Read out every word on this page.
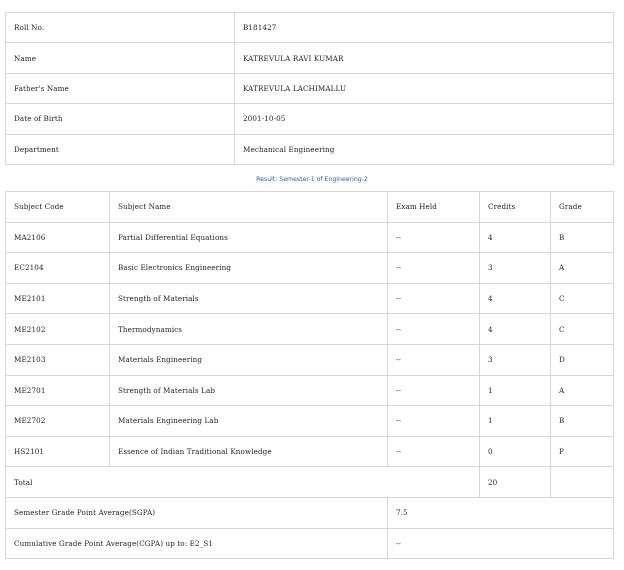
Roll No.	B181427
Name	KATREVULA RAVI KUMAR
Father's Name	KATREVULA LACHIMALLU
Date of Birth	2001-10-05
Department	Mechanical Engineering
Result: Semester-1 of Engineering-2
Subject Code	Subject Name	Exam Held	Credits	Grade
MA2106	Partial Differential Equations	--	4	B
EC2104	Basic Electronics Engineering	--	3	A
ME2101	Strength of Materials	--	4	C
ME2102	Thermodynamics	--	4	C
ME2103	Materials Engineering	--	3	D
ME2701	Strength of Materials Lab	--	1	A
ME2702	Materials Engineering Lab	--	1	B
HS2101	Essence of Indian Traditional Knowledge	--	0	P
Total			20	
Semester Grade Point Average(SGPA)		7.5		
Cumulative Grade Point Average(CGPA) up to: E2_S1		--		
